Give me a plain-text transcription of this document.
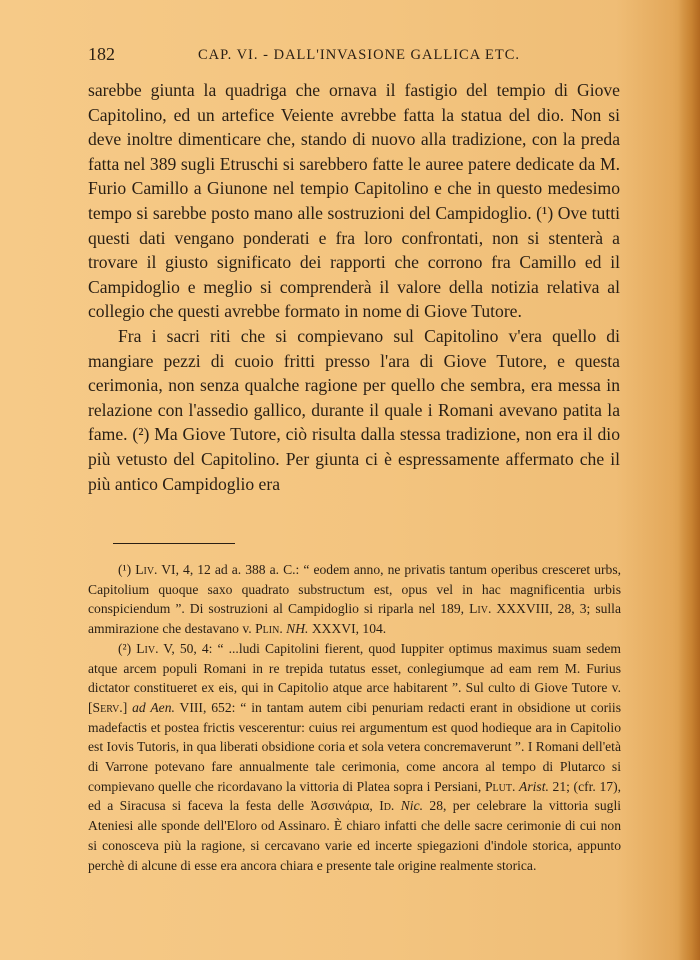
182	CAP. VI. - DALL'INVASIONE GALLICA ETC.

sarebbe giunta la quadriga che ornava il fastigio del tempio di Giove Capitolino, ed un artefice Veiente avrebbe fatta la statua del dio. Non si deve inoltre dimenticare che, stando di nuovo alla tradizione, con la preda fatta nel 389 sugli Etruschi si sarebbero fatte le auree patere dedicate da M. Furio Camillo a Giunone nel tempio Capitolino e che in questo medesimo tempo si sarebbe posto mano alle sostruzioni del Campidoglio. (¹) Ove tutti questi dati vengano ponderati e fra loro confrontati, non si stenterà a trovare il giusto significato dei rapporti che corrono fra Camillo ed il Campidoglio e meglio si comprenderà il valore della notizia relativa al collegio che questi avrebbe formato in nome di Giove Tutore.

Fra i sacri riti che si compievano sul Capitolino v'era quello di mangiare pezzi di cuoio fritti presso l'ara di Giove Tutore, e questa cerimonia, non senza qualche ragione per quello che sembra, era messa in relazione con l'assedio gallico, durante il quale i Romani avevano patita la fame. (²) Ma Giove Tutore, ciò risulta dalla stessa tradizione, non era il dio più vetusto del Capitolino. Per giunta ci è espressamente affermato che il più antico Campidoglio era

(¹) Liv. VI, 4, 12 ad a. 388 a. C.: “ eodem anno, ne privatis tantum operibus cresceret urbs, Capitolium quoque saxo quadrato substructum est, opus vel in hac magnificentia urbis conspiciendum ”. Di sostruzioni al Campidoglio si riparla nel 189, Liv. XXXVIII, 28, 3; sulla ammirazione che destavano v. Plin. NH. XXXVI, 104.

(²) Liv. V, 50, 4: “ ...ludi Capitolini fierent, quod Iuppiter optimus maximus suam sedem atque arcem populi Romani in re trepida tutatus esset, conlegiumque ad eam rem M. Furius dictator constitueret ex eis, qui in Capitolio atque arce habitarent ”. Sul culto di Giove Tutore v. [Serv.] ad Aen. VIII, 652: “ in tantam autem cibi penuriam redacti erant in obsidione ut coriis madefactis et postea frictis vescerentur: cuius rei argumentum est quod hodieque ara in Capitolio est Iovis Tutoris, in qua liberati obsidione coria et sola vetera concremaverunt ”. I Romani dell'età di Varrone potevano fare annualmente tale cerimonia, come ancora al tempo di Plutarco si compievano quelle che ricordavano la vittoria di Platea sopra i Persiani, Plut. Arist. 21; (cfr. 17), ed a Siracusa si faceva la festa delle Ἀσσινάρια, Id. Nic. 28, per celebrare la vittoria sugli Ateniesi alle sponde dell'Eloro od Assinaro. È chiaro infatti che delle sacre cerimonie di cui non si conosceva più la ragione, si cercavano varie ed incerte spiegazioni d'indole storica, appunto perchè di alcune di esse era ancora chiara e presente tale origine realmente storica.
